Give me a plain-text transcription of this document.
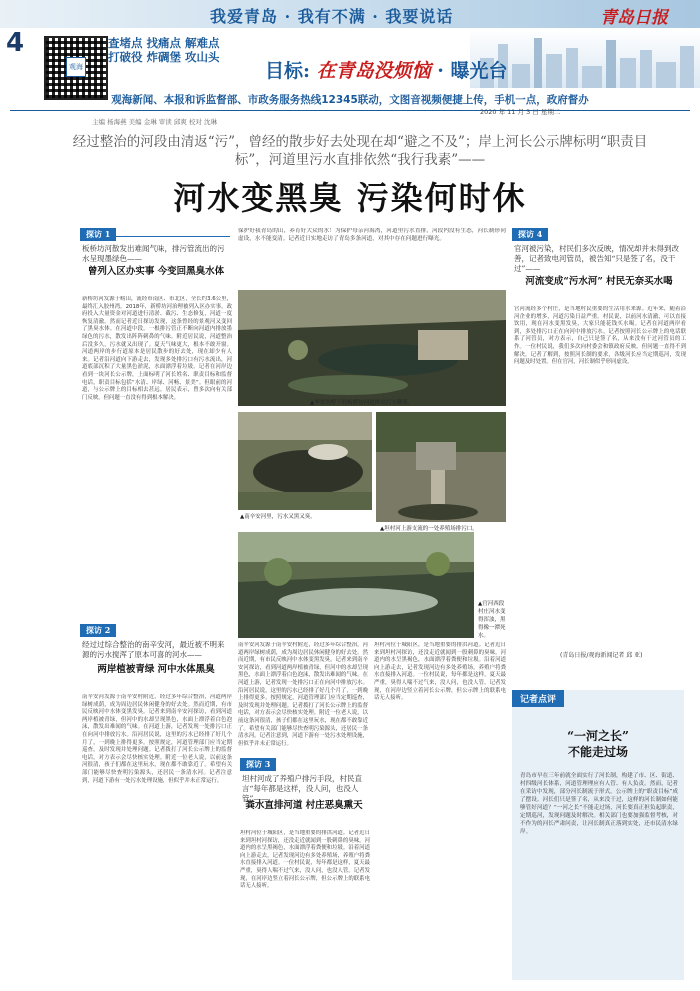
我爱青岛 · 我有不满 · 我要说话	青岛日报
4
观海
查堵点 找痛点 解难点
打破役 炸碉堡 攻山头
目标: 在青岛没烦恼 · 曝光台
观海新闻、本报和诉监督部、市政务服务热线12345联动，文图音视频便捷上传，手机一点，政府督办
主编 杨海燕 美编 金琳 审读 邱爽 校对 沈琳
2020 年 11 月 3 日 星期二
经过整治的河段由清返“污”，曾经的散步好去处现在却“避之不及”；岸上河长公示牌标明“职责目标”，河道里污水直排依然“我行我素”——
河水变黑臭 污染何时休
探访 1
板桥坊河散发出难闻气味，排污管流出的污水呈现墨绿色——
曾列入区办实事 今变回黑臭水体
新桥坊河发源于崂山，流经市南区、市北区，全长约3.6公里，最终汇入胶州湾。2018年，新桥坊河治理被列入区办实事，政府投入大量资金对河道进行清淤、截污、生态修复，河道一度恢复清澈。然而记者近日探访发现，这条曾经的景观河又变回了黑臭水体。在河道中段，一根排污管正不断向河道内排放墨绿色的污水，散发出阵阵刺鼻的气味。附近居民说，河道整治后没多久，污水就又出现了。夏天气味更大，根本不敢开窗。河道两岸的步行道原本是居民散步的好去处，现在却少有人来。记者沿河道向下游走去，发现多处排污口有污水流出，河道底部沉积了大量黑色淤泥，水面漂浮着垃圾。记者在河岸边看到一块河长公示牌，上面标明了河长姓名、职责目标和监督电话，职责目标包括“水清、岸绿、河畅、景美”。但眼前的河道，与公示牌上的目标相去甚远。居民表示，曾多次向有关部门反映，但问题一直没有得到根本解决。
探访 2
经过过综合整治的南辛安河，最近被不明来源的污水搅浑了原本可喜的河水——
两岸植被青绿 河中水体黑臭
南辛安河发源于南辛安村附近，经过多年综合整治，河道两岸绿树成荫，成为周边居民休闲健身的好去处。然而近期，有市民反映河中水体变黑发臭。记者来到南辛安河探访，看到河道两岸植被青绿，但河中的水却呈现黑色，水面上漂浮着白色泡沫，散发出难闻的气味。在河道上游，记者发现一处排污口正在向河中排放污水。沿河居民说，这里的污水已经排了好几个月了，一到晚上排得更多。按照规定，河道管理部门应当定期巡查，及时发现并处理问题。记者拨打了河长公示牌上的监督电话，对方表示会尽快核实处理。附近一位老人说，以前这条河很清，孩子们都在这里玩水，现在都不敢靠近了。希望有关部门能够尽快查明污染源头，还居民一条清水河。记者注意到，河道下游有一处污水处理设施，但似乎并未正常运行。
保护好我青岛的山，养育好大众的水！为保护母亲河海湾，河道里污水直排，河段内没有生态，河长制形同虚设，水不能变清。记者近日实地走访了青岛多条河道，对其中存在问题进行曝光。
▲李哥幼桥下的板桥坊河道排出污水横流。
▲南辛安河里，污水又黑又臭。
▲坦村河上游支流的一处养殖场排污口。
▲官河西段村庄河水变得浑浊，黑得像一潭死水。
南辛安河发源于南辛安村附近，经过多年综合整治，河道两岸绿树成荫，成为周边居民休闲健身的好去处。然而近期，有市民反映河中水体变黑发臭。记者来到南辛安河探访，看到河道两岸植被青绿，但河中的水却呈现黑色，水面上漂浮着白色泡沫，散发出难闻的气味。在河道上游，记者发现一处排污口正在向河中排放污水。沿河居民说，这里的污水已经排了好几个月了，一到晚上排得更多。按照规定，河道管理部门应当定期巡查，及时发现并处理问题。记者拨打了河长公示牌上的监督电话，对方表示会尽快核实处理。附近一位老人说，以前这条河很清，孩子们都在这里玩水，现在都不敢靠近了。希望有关部门能够尽快查明污染源头，还居民一条清水河。记者注意到，河道下游有一处污水处理设施，但似乎并未正常运行。
探访 3
坦村河成了养殖户排污手段，村民直言“每年都是这样，没人问，也没人管”——
粪水直排河道 村庄恶臭熏天
坦村河位于城阳区，是当地重要的排洪河道。记者近日来到坦村河探访，还没走近就闻到一股刺鼻的臭味。河道内的水呈黑褐色，水面漂浮着粪便和垃圾。沿着河道向上游走去，记者发现河边有多处养殖场，养殖户将粪水直接排入河道。一位村民说，每年都是这样，夏天最严重，臭得人喘不过气来，没人问，也没人管。记者发现，在河岸边竖立着河长公示牌，但公示牌上的联系电话无人接听。
坦村河位于城阳区，是当地重要的排洪河道。记者近日来到坦村河探访，还没走近就闻到一股刺鼻的臭味。河道内的水呈黑褐色，水面漂浮着粪便和垃圾。沿着河道向上游走去，记者发现河边有多处养殖场，养殖户将粪水直接排入河道。一位村民说，每年都是这样，夏天最严重，臭得人喘不过气来，没人问，也没人管。记者发现，在河岸边竖立着河长公示牌，但公示牌上的联系电话无人接听。
探访 4
官河被污染，村民们多次反映，情况却并未得到改善，记者致电河管员，被告知“只是签了名，没干过”——
河流变成“污水河” 村民无奈买水喝
官河流经多个村庄，是当地村民重要的生活用水来源。近年来，随着沿河企业的增多，河道污染日益严重。村民说，以前河水清澈，可以直接饮用，现在河水变黑发臭，大家只能花钱买水喝。记者在河道两岸看到，多处排污口正在向河中排放污水。记者按照河长公示牌上的电话联系了河管员，对方表示，自己只是签了名，从来没有干过河管员的工作。一位村民说，我们多次向村委会和镇政府反映，但问题一直得不到解决。记者了解到，按照河长制的要求，各级河长应当定期巡河，发现问题及时处置。但在官河，河长制似乎形同虚设。
(青岛日报/观海新闻记者 邱 亚)
记者点评
“一河之长”
不能走过场
青岛市早在三年前就全面实行了河长制，构建了市、区、街道、村四级河长体系，河道管理理应有人管、有人负责。然而，记者在采访中发现，部分河长制流于形式，公示牌上的“职责目标”成了摆设。河长们只是签了名，从来没干过，这样的河长制如何能够管好河道？“一河之长”不能走过场，河长要真正担负起职责，定期巡河，发现问题及时解决。相关部门也要加强监督考核，对不作为的河长严肃问责，让河长制真正落到实处，还市民清水绿岸。
